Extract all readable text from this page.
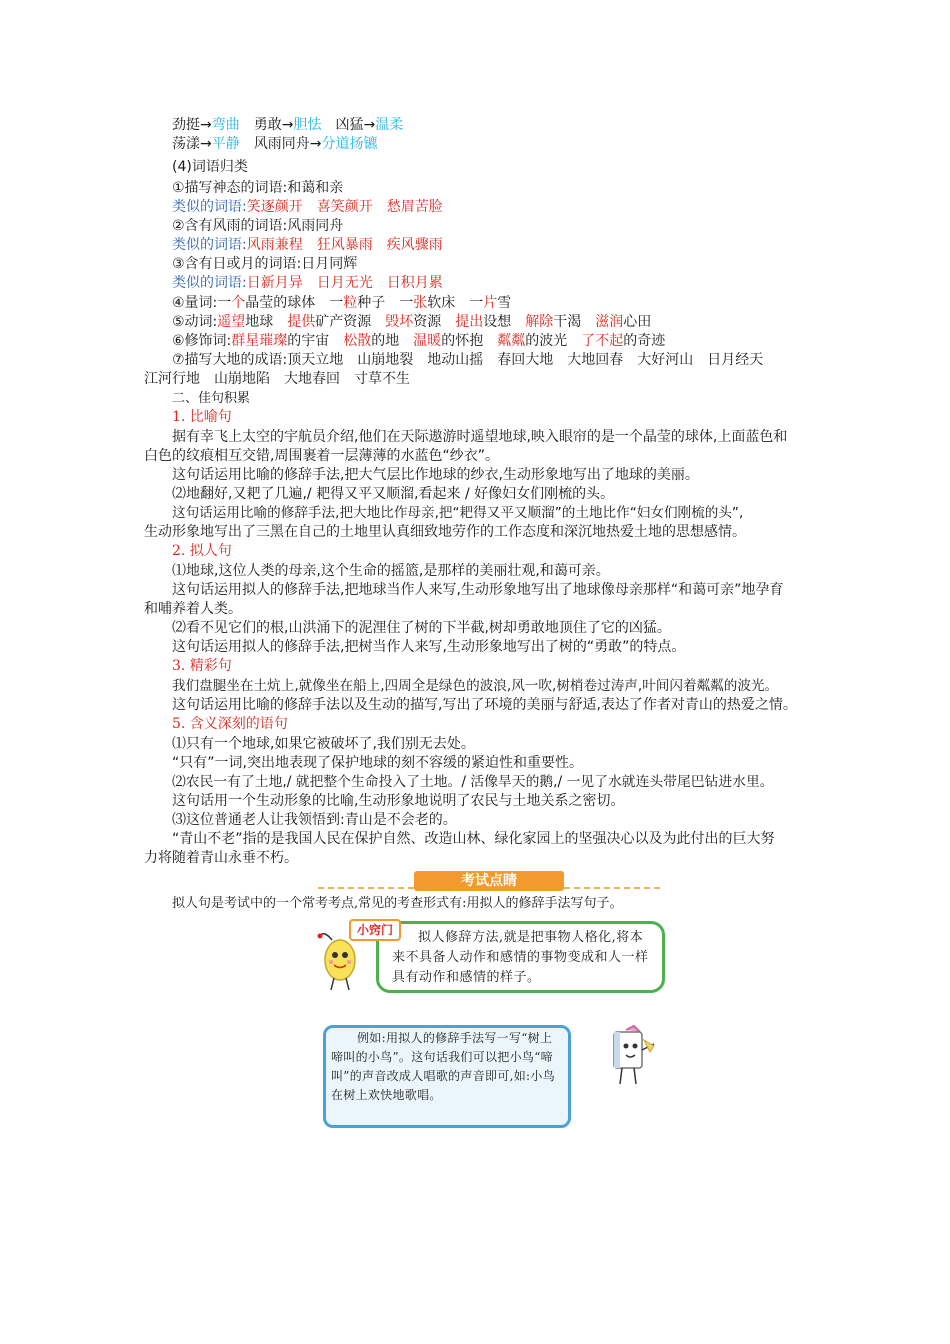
劲挺→弯曲　 勇敢→胆怯　 凶猛→温柔
荡漾→平静　 风雨同舟→分道扬镳
(4)词语归类
①描写神态的词语:和蔼和亲
类似的词语:笑逐颜开　喜笑颜开　愁眉苦脸
②含有风雨的词语:风雨同舟
类似的词语:风雨兼程　狂风暴雨　疾风骤雨
③含有日或月的词语:日月同辉
类似的词语:日新月异　日月无光　日积月累
④量词:一个晶莹的球体　一粒种子　一张软床　一片雪
⑤动词:遥望地球　提供矿产资源　毁坏资源　提出设想　解除干渴　滋润心田
⑥修饰词:群星璀璨的宇宙　松散的地　温暖的怀抱　粼粼的波光　了不起的奇迹
⑦描写大地的成语:顶天立地　山崩地裂　地动山摇　春回大地　大地回春　大好河山　日月经天
江河行地　山崩地陷　大地春回　寸草不生
二、佳句积累
1. 比喻句
据有幸飞上太空的宇航员介绍,他们在天际遨游时遥望地球,映入眼帘的是一个晶莹的球体,上面蓝色和
白色的纹痕相互交错,周围裹着一层薄薄的水蓝色“纱衣”。
这句话运用比喻的修辞手法,把大气层比作地球的纱衣,生动形象地写出了地球的美丽。
⑵地翻好,又耙了几遍,/ 耙得又平又顺溜,看起来 / 好像妇女们刚梳的头。
这句话运用比喻的修辞手法,把大地比作母亲,把“耙得又平又顺溜”的土地比作“妇女们刚梳的头”,
生动形象地写出了三黑在自己的土地里认真细致地劳作的工作态度和深沉地热爱土地的思想感情。
2. 拟人句
⑴地球,这位人类的母亲,这个生命的摇篮,是那样的美丽壮观,和蔼可亲。
这句话运用拟人的修辞手法,把地球当作人来写,生动形象地写出了地球像母亲那样“和蔼可亲”地孕育
和哺养着人类。
⑵看不见它们的根,山洪涌下的泥浬住了树的下半截,树却勇敢地顶住了它的凶猛。
这句话运用拟人的修辞手法,把树当作人来写,生动形象地写出了树的“勇敢”的特点。
3. 精彩句
我们盘腿坐在土炕上,就像坐在船上,四周全是绿色的波浪,风一吹,树梢卷过涛声,叶间闪着粼粼的波光。
这句话运用比喻的修辞手法以及生动的描写,写出了环境的美丽与舒适,表达了作者对青山的热爱之情。
5. 含义深刻的语句
⑴只有一个地球,如果它被破坏了,我们别无去处。
“只有”一词,突出地表现了保护地球的刻不容缓的紧迫性和重要性。
⑵农民一有了土地,/ 就把整个生命投入了土地。/ 活像旱天的鹅,/ 一见了水就连头带尾巴钻进水里。
这句话用一个生动形象的比喻,生动形象地说明了农民与土地关系之密切。
⑶这位普通老人让我领悟到:青山是不会老的。
“青山不老”指的是我国人民在保护自然、改造山林、绿化家园上的坚强决心以及为此付出的巨大努
力将随着青山永垂不朽。
考试点睛
拟人句是考试中的一个常考考点,常见的考查形式有:用拟人的修辞手法写句子。
小窍门	拟人修辞方法,就是把事物人格化,将本来不具备人动作和感情的事物变成和人一样具有动作和感情的样子。
例如:用拟人的修辞手法写一写“树上啼叫的小鸟”。这句话我们可以把小鸟“啼叫”的声音改成人唱歌的声音即可,如:小鸟在树上欢快地歌唱。
